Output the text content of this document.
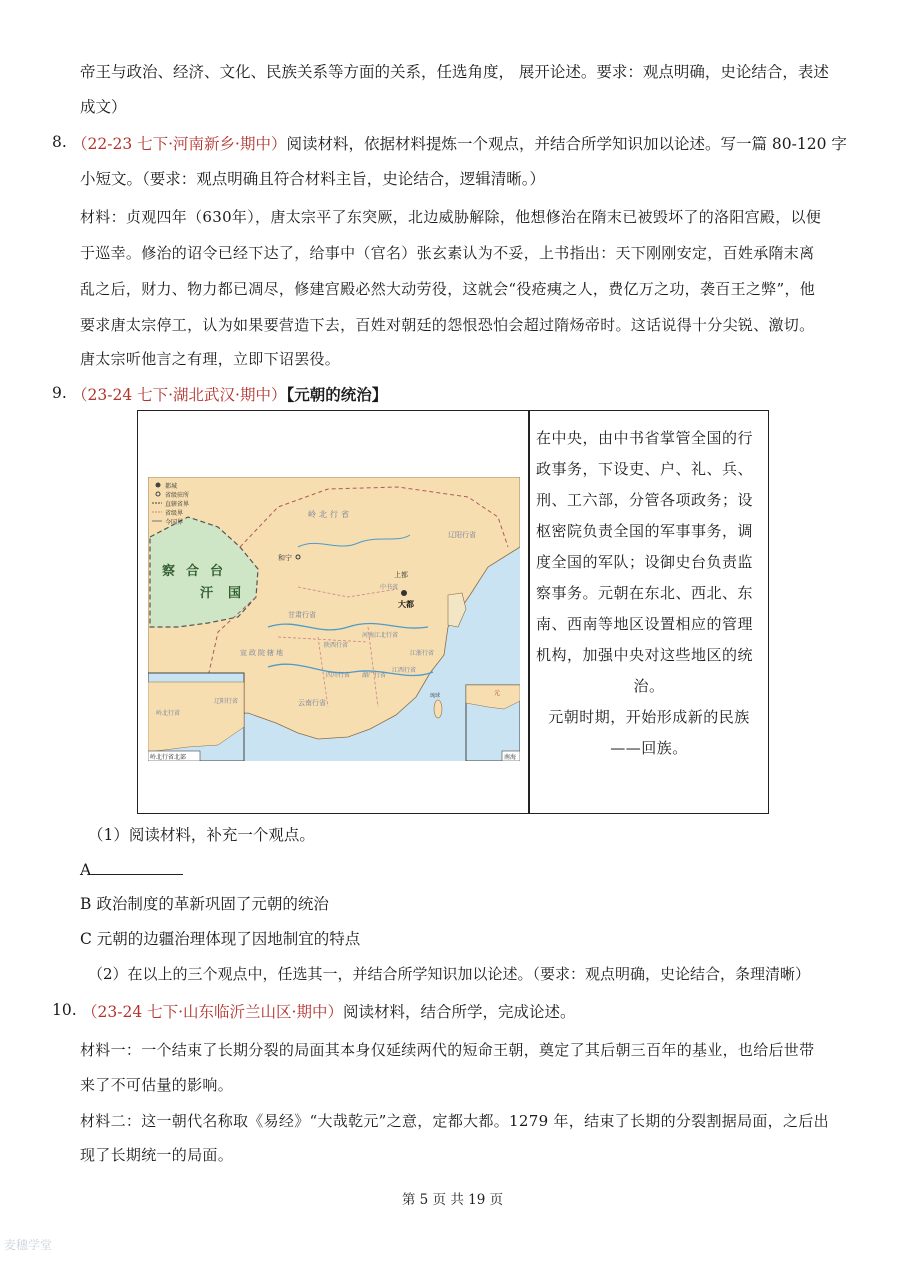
帝王与政治、经济、文化、民族关系等方面的关系，任选角度， 展开论述。要求：观点明确，史论结合，表述
成文）
8. （22-23 七下·河南新乡·期中）阅读材料，依据材料提炼一个观点，并结合所学知识加以论述。写一篇 80-120 字
小短文。（要求：观点明确且符合材料主旨，史论结合，逻辑清晰。）
材料：贞观四年（630年），唐太宗平了东突厥，北边威胁解除，他想修治在隋末已被毁坏了的洛阳宫殿，以便
于巡幸。修治的诏令已经下达了，给事中（官名）张玄素认为不妥，上书指出：天下刚刚安定，百姓承隋末离
乱之后，财力、物力都已凋尽，修建宫殿必然大动劳役，这就会“役疮痍之人，费亿万之功，袭百王之弊”，他
要求唐太宗停工，认为如果要营造下去，百姓对朝廷的怨恨恐怕会超过隋炀帝时。这话说得十分尖锐、激切。
唐太宗听他言之有理，立即下诏罢役。
9. （23-24 七下·湖北武汉·期中）【元朝的统治】
都城
省级驻所
直辖省界
省级界
今国界
察 合 台
汗 国
岭北行省
和宁
上都
大都
中书省
甘肃行省
宣政院辖地
陕西行省
四川行省
河南江北行省
湖广行省
江西行省
江浙行省
云南行省
辽阳行省
琉球
岭北行省
辽阳行省
岭北行省北部
元
南海
在中央，由中书省掌管全国的行
政事务，下设吏、户、礼、兵、
刑、工六部，分管各项政务；设
枢密院负责全国的军事事务，调
度全国的军队；设御史台负责监
察事务。元朝在东北、西北、东
南、西南等地区设置相应的管理
机构，加强中央对这些地区的统
治。
元朝时期，开始形成新的民族
——回族。
（1）阅读材料，补充一个观点。
A
B 政治制度的革新巩固了元朝的统治
C 元朝的边疆治理体现了因地制宜的特点
（2）在以上的三个观点中，任选其一，并结合所学知识加以论述。（要求：观点明确，史论结合，条理清晰）
10. （23-24 七下·山东临沂兰山区·期中）阅读材料，结合所学，完成论述。
材料一：一个结束了长期分裂的局面其本身仅延续两代的短命王朝，奠定了其后朝三百年的基业，也给后世带
来了不可估量的影响。
材料二：这一朝代名称取《易经》“大哉乾元”之意，定都大都。1279 年，结束了长期的分裂割据局面，之后出
现了长期统一的局面。
第 5 页 共 19 页
麦穗学堂
